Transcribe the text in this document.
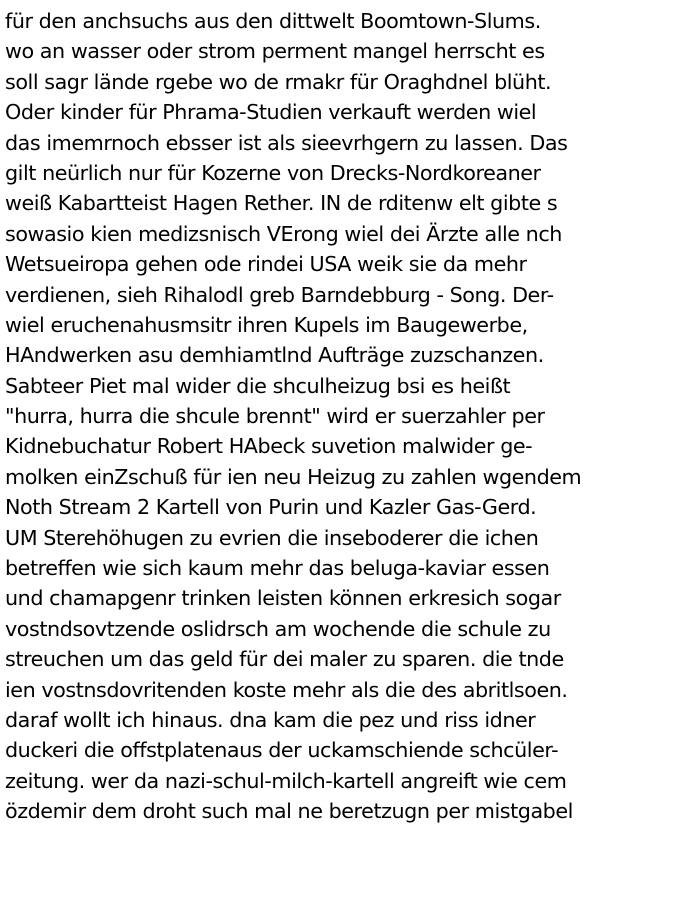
für den anchsuchs aus den dittwelt Boomtown-Slums.
wo an wasser oder strom perment mangel herrscht es
soll sagr lände rgebe wo de rmakr für Oraghdnel blüht.
Oder kinder für Phrama-Studien verkauft werden wiel
das imemrnoch ebsser ist als sieevrhgern zu lassen. Das
gilt neürlich nur für Kozerne von Drecks-Nordkoreaner
weiß Kabartteist Hagen Rether. IN de rditenw elt gibte s
sowasio kien medizsnisch VErong wiel dei Ärzte alle nch
Wetsueiropa gehen ode rindei USA weik sie da mehr
verdienen, sieh Rihalodl greb Barndebburg - Song. Der-
wiel eruchenahusmsitr ihren Kupels im Baugewerbe,
HAndwerken asu demhiamtlnd Aufträge zuzschanzen.
Sabteer Piet mal wider die shculheizug bsi es heißt
"hurra, hurra die shcule brennt" wird er suerzahler per
Kidnebuchatur Robert HAbeck suvetion malwider ge-
molken einZschuß für ien neu Heizug zu zahlen wgendem
Noth Stream 2 Kartell von Purin und Kazler Gas-Gerd.
UM Sterehöhugen zu evrien die inseboderer die ichen
betreffen wie sich kaum mehr das beluga-kaviar essen
und chamapgenr trinken leisten können erkresich sogar
vostndsovtzende oslidrsch am wochende die schule zu
streuchen um das geld für dei maler zu sparen. die tnde
ien vostnsdovritenden koste mehr als die des abritlsoen.
daraf wollt ich hinaus. dna kam die pez und riss idner
duckeri die offstplatenaus der uckamschiende schcüler-
zeitung. wer da nazi-schul-milch-kartell angreift wie cem
özdemir dem droht such mal ne beretzugn per mistgabel
